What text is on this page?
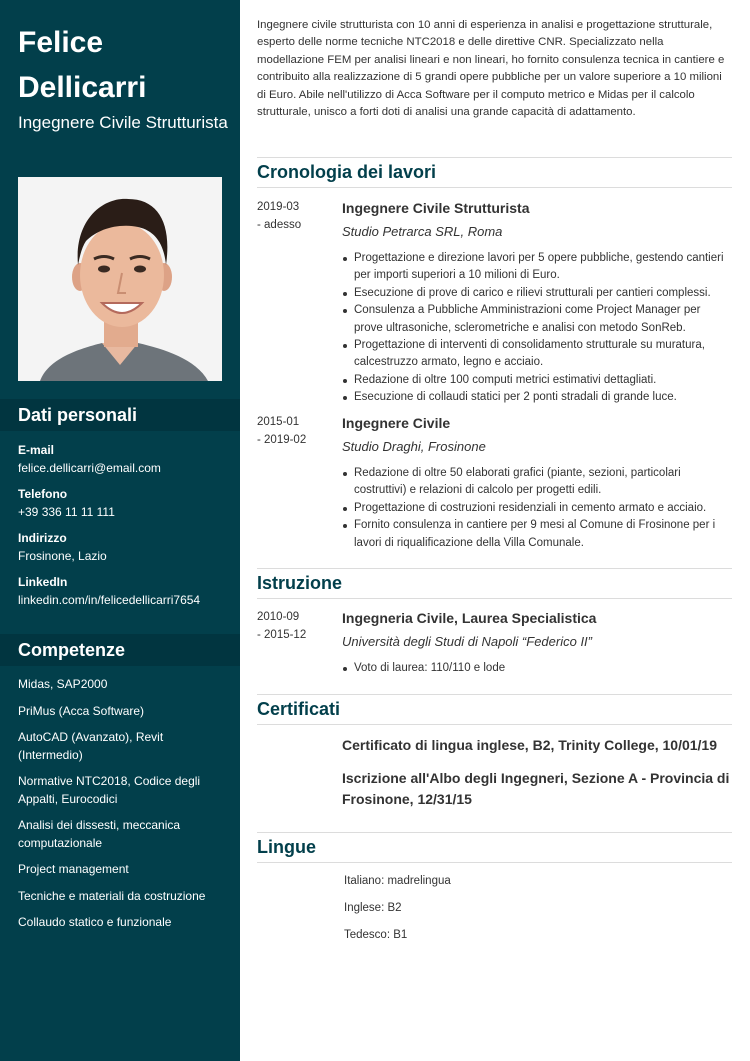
Felice
Dellicarri
Ingegnere Civile Strutturista
Dati personali
E-mail
felice.dellicarri@email.com
Telefono
+39 336 11 11 111
Indirizzo
Frosinone, Lazio
LinkedIn
linkedin.com/in/felicedellicarri7654
Competenze
Midas, SAP2000
PriMus (Acca Software)
AutoCAD (Avanzato), Revit (Intermedio)
Normative NTC2018, Codice degli Appalti, Eurocodici
Analisi dei dissesti, meccanica computazionale
Project management
Tecniche e materiali da costruzione
Collaudo statico e funzionale

Ingegnere civile strutturista con 10 anni di esperienza in analisi e progettazione strutturale, esperto delle norme tecniche NTC2018 e delle direttive CNR. Specializzato nella modellazione FEM per analisi lineari e non lineari, ho fornito consulenza tecnica in cantiere e contribuito alla realizzazione di 5 grandi opere pubbliche per un valore superiore a 10 milioni di Euro. Abile nell'utilizzo di Acca Software per il computo metrico e Midas per il calcolo strutturale, unisco a forti doti di analisi una grande capacità di adattamento.

Cronologia dei lavori
2019-03
- adesso
Ingegnere Civile Strutturista
Studio Petrarca SRL, Roma
Progettazione e direzione lavori per 5 opere pubbliche, gestendo cantieri per importi superiori a 10 milioni di Euro.
Esecuzione di prove di carico e rilievi strutturali per cantieri complessi.
Consulenza a Pubbliche Amministrazioni come Project Manager per prove ultrasoniche, sclerometriche e analisi con metodo SonReb.
Progettazione di interventi di consolidamento strutturale su muratura, calcestruzzo armato, legno e acciaio.
Redazione di oltre 100 computi metrici estimativi dettagliati.
Esecuzione di collaudi statici per 2 ponti stradali di grande luce.
2015-01
- 2019-02
Ingegnere Civile
Studio Draghi, Frosinone
Redazione di oltre 50 elaborati grafici (piante, sezioni, particolari costruttivi) e relazioni di calcolo per progetti edili.
Progettazione di costruzioni residenziali in cemento armato e acciaio.
Fornito consulenza in cantiere per 9 mesi al Comune di Frosinone per i lavori di riqualificazione della Villa Comunale.
Istruzione
2010-09
- 2015-12
Ingegneria Civile, Laurea Specialistica
Università degli Studi di Napoli “Federico II”
Voto di laurea: 110/110 e lode
Certificati
Certificato di lingua inglese, B2, Trinity College, 10/01/19
Iscrizione all'Albo degli Ingegneri, Sezione A - Provincia di Frosinone, 12/31/15
Lingue
Italiano: madrelingua
Inglese: B2
Tedesco: B1
